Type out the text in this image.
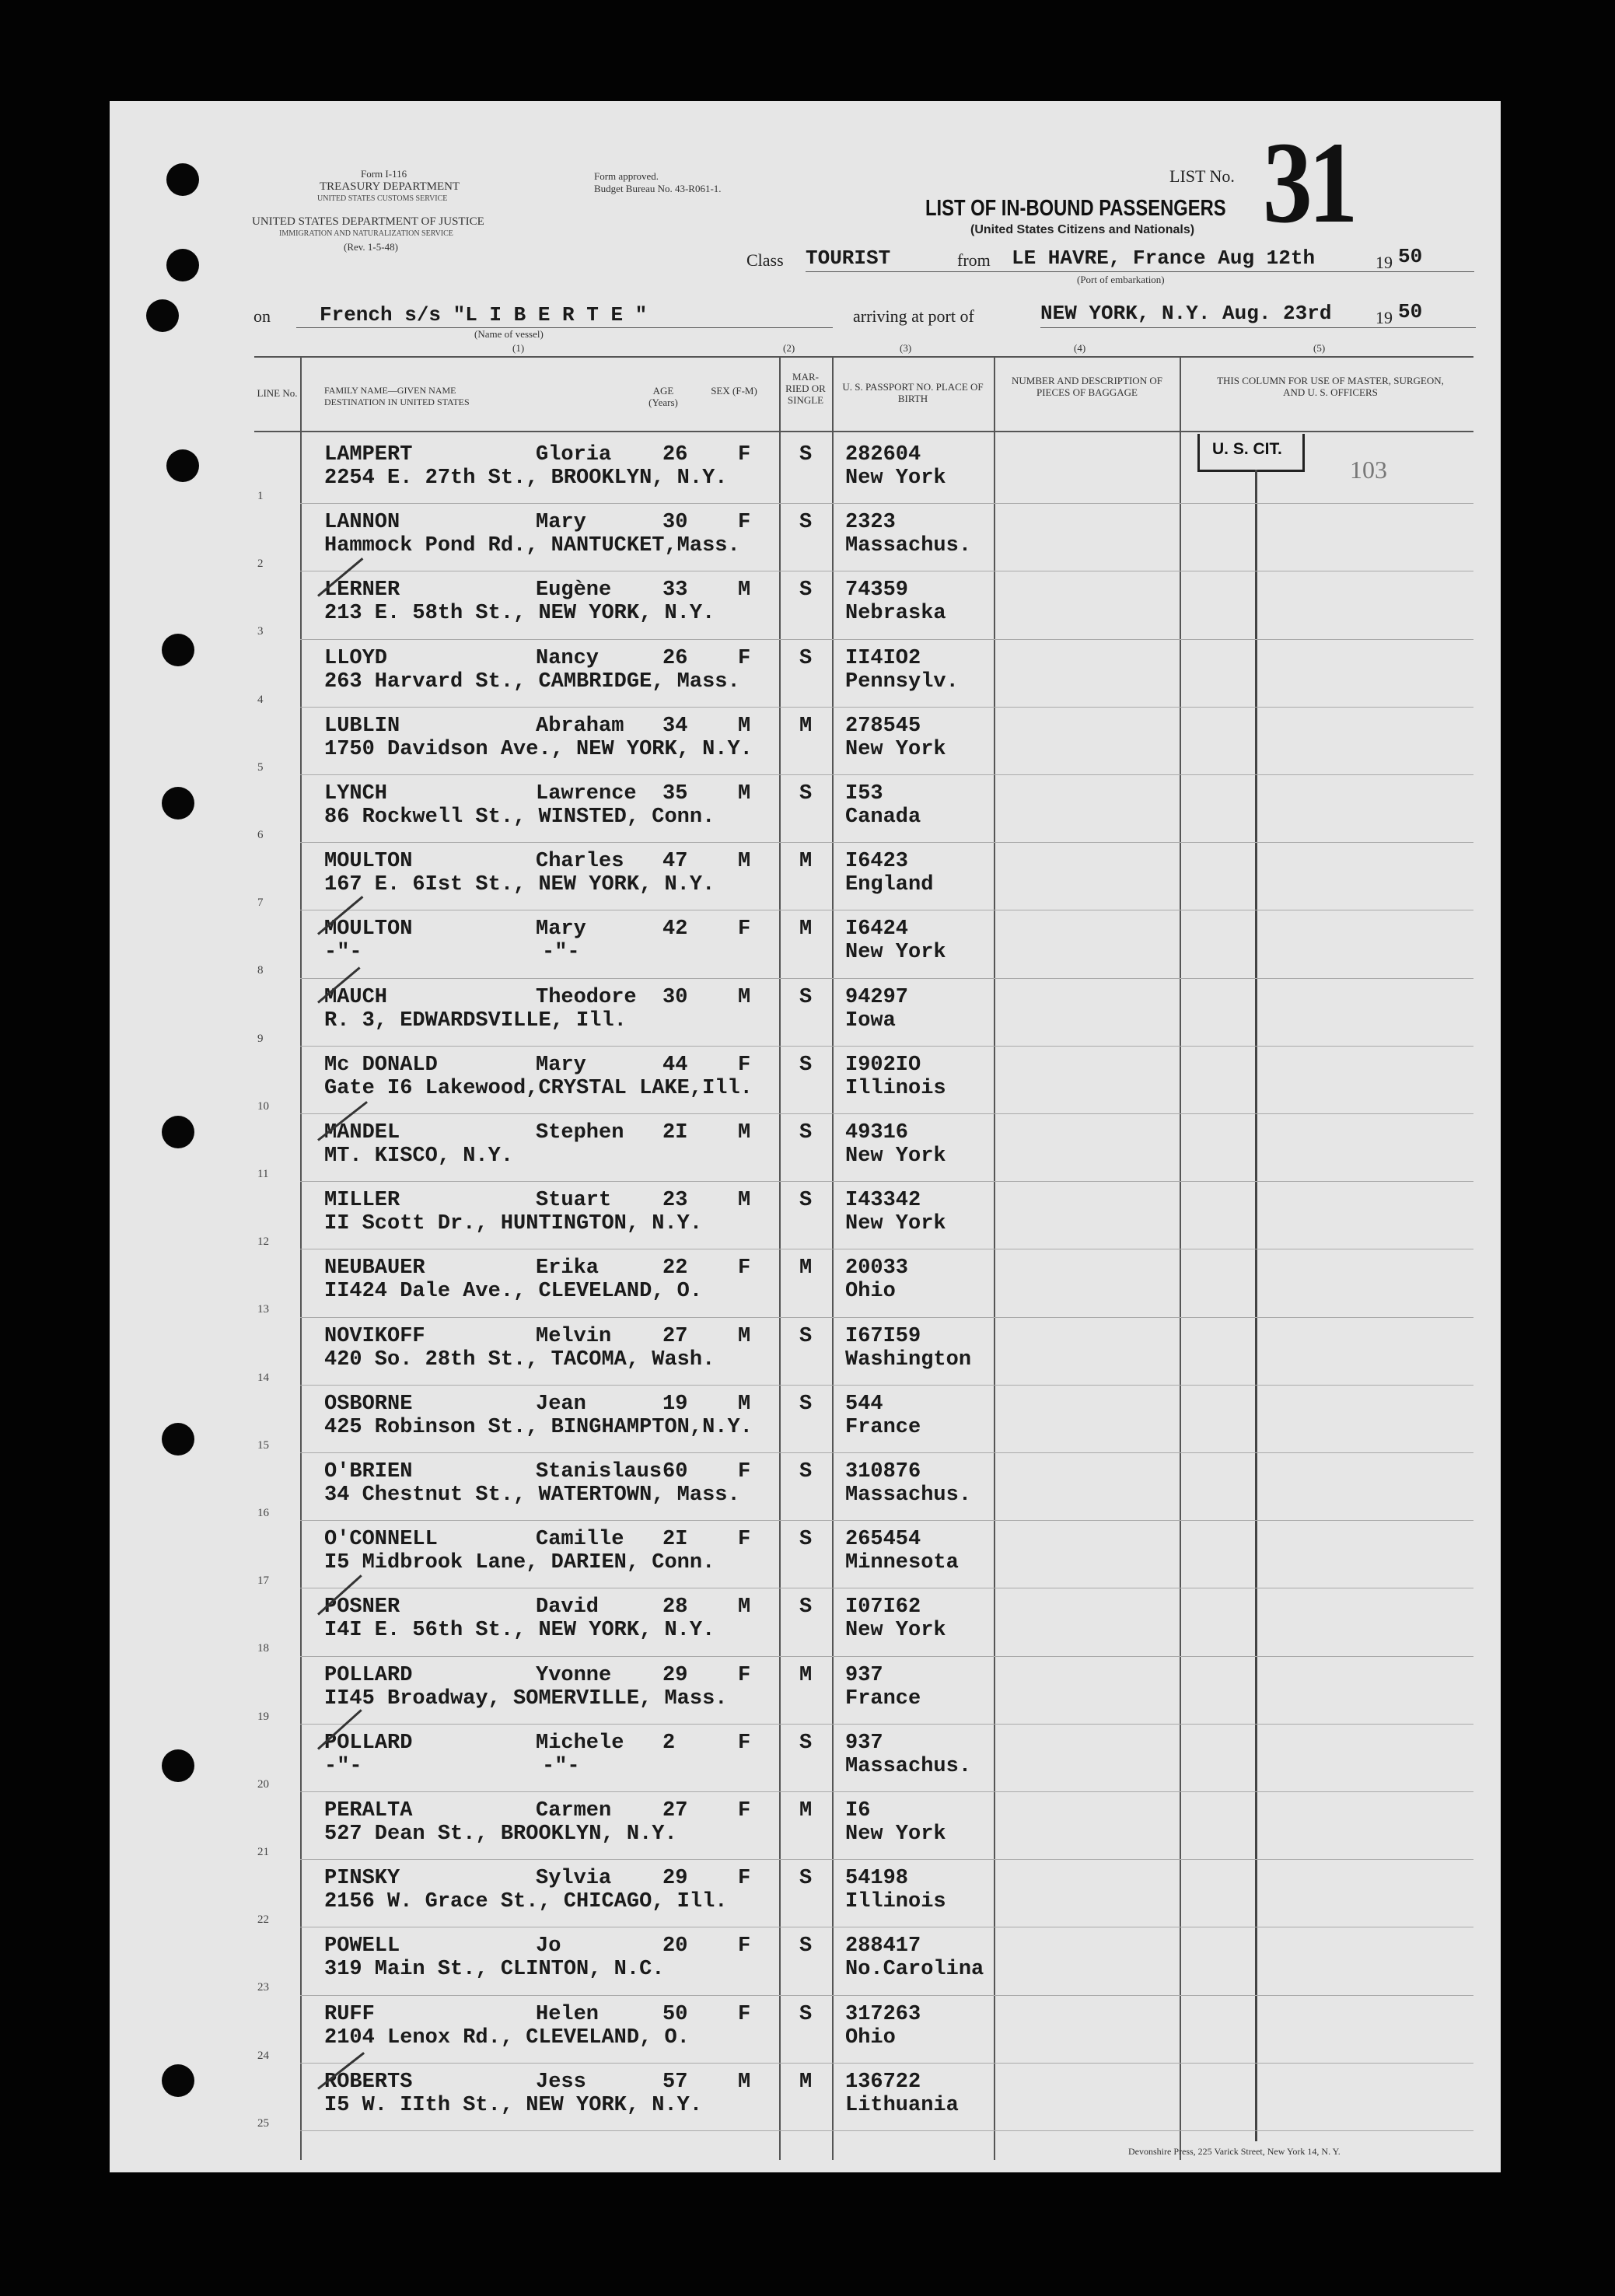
Form I-116
TREASURY DEPARTMENT
UNITED STATES CUSTOMS SERVICE
UNITED STATES DEPARTMENT OF JUSTICE
IMMIGRATION AND NATURALIZATION SERVICE
(Rev. 1-5-48)
Form approved.
Budget Bureau No. 43-R061-1.
LIST No. 31
LIST OF IN-BOUND PASSENGERS
(United States Citizens and Nationals)
Class TOURIST	from LE HAVRE, France Aug 12th
(Port of embarkation)
19 50
on French s/s "L I B E R T E "
(Name of vessel)
arriving at port of	NEW YORK, N.Y. Aug. 23rd	19 50
(1)	(2)	(3)	(4)	(5)
LINE No.	FAMILY NAME—GIVEN NAME
DESTINATION IN UNITED STATES
AGE (Years)
SEX (F-M)
MAR-RIED OR SINGLE
U. S. PASSPORT NO. PLACE OF BIRTH
NUMBER AND DESCRIPTION OF PIECES OF BAGGAGE
THIS COLUMN FOR USE OF MASTER, SURGEON, AND U. S. OFFICERS
U. S. CIT.
103
1
LAMPERT	Gloria 26 F S 282604
2254 E. 27th St., BROOKLYN, N.Y.	New York
2
LANNON	Mary	30 F S 2323
Hammock Pond Rd., NANTUCKET,Mass.	Massachus.
3
LERNER	Eugène 33 M S 74359
213 E. 58th St., NEW YORK, N.Y.	Nebraska
4
LLOYD	Nancy	26 F S II4IO2
263 Harvard St., CAMBRIDGE, Mass.	Pennsylv.
5
LUBLIN	Abraham 34 M M 278545
1750 Davidson Ave., NEW YORK, N.Y.	New York
6
LYNCH	Lawrence 35 M S I53
86 Rockwell St., WINSTED, Conn.	Canada
7
MOULTON	Charles 47 M M I6423
167 E. 6Ist St., NEW YORK, N.Y.	England
8
MOULTON	Mary	42 F M I6424
-"-	-"-	New York
9
MAUCH	Theodore 30 M S 94297
R. 3, EDWARDSVILLE, Ill.	Iowa
10
Mc DONALD	Mary	44 F S I902IO
Gate I6 Lakewood,CRYSTAL LAKE,Ill.	Illinois
11
MANDEL	Stephen 2I M S 49316
MT. KISCO, N.Y.	New York
12
MILLER	Stuart 23 M S I43342
II Scott Dr., HUNTINGTON, N.Y.	New York
13
NEUBAUER	Erika	22 F M 20033
II424 Dale Ave., CLEVELAND, O.	Ohio
14
NOVIKOFF	Melvin 27 M S I67I59
420 So. 28th St., TACOMA, Wash.	Washington
15
OSBORNE	Jean	19 M S 544
425 Robinson St., BINGHAMPTON,N.Y.	France
16
O'BRIEN	Stanislaus 60 F S 310876
34 Chestnut St., WATERTOWN, Mass.	Massachus.
17
O'CONNELL	Camille 2I F S 265454
I5 Midbrook Lane, DARIEN, Conn.	Minnesota
18
POSNER	David	28 M S I07I62
I4I E. 56th St., NEW YORK, N.Y.	New York
19
POLLARD	Yvonne 29 F M 937
II45 Broadway, SOMERVILLE, Mass.	France
20
POLLARD	Michele 2	F S 937
-"-	-"-	Massachus.
21
PERALTA	Carmen 27 F M I6
527 Dean St., BROOKLYN, N.Y.	New York
22
PINSKY	Sylvia 29 F S 54198
2156 W. Grace St., CHICAGO, Ill.	Illinois
23
POWELL	Jo	20 F S 288417
319 Main St., CLINTON, N.C.	No.Carolina
24
RUFF	Helen	50 F S 317263
2104 Lenox Rd., CLEVELAND, O.	Ohio
25
ROBERTS	Jess	57 M M 136722
I5 W. IIth St., NEW YORK, N.Y.	Lithuania
Devonshire Press, 225 Varick Street, New York 14, N. Y.
